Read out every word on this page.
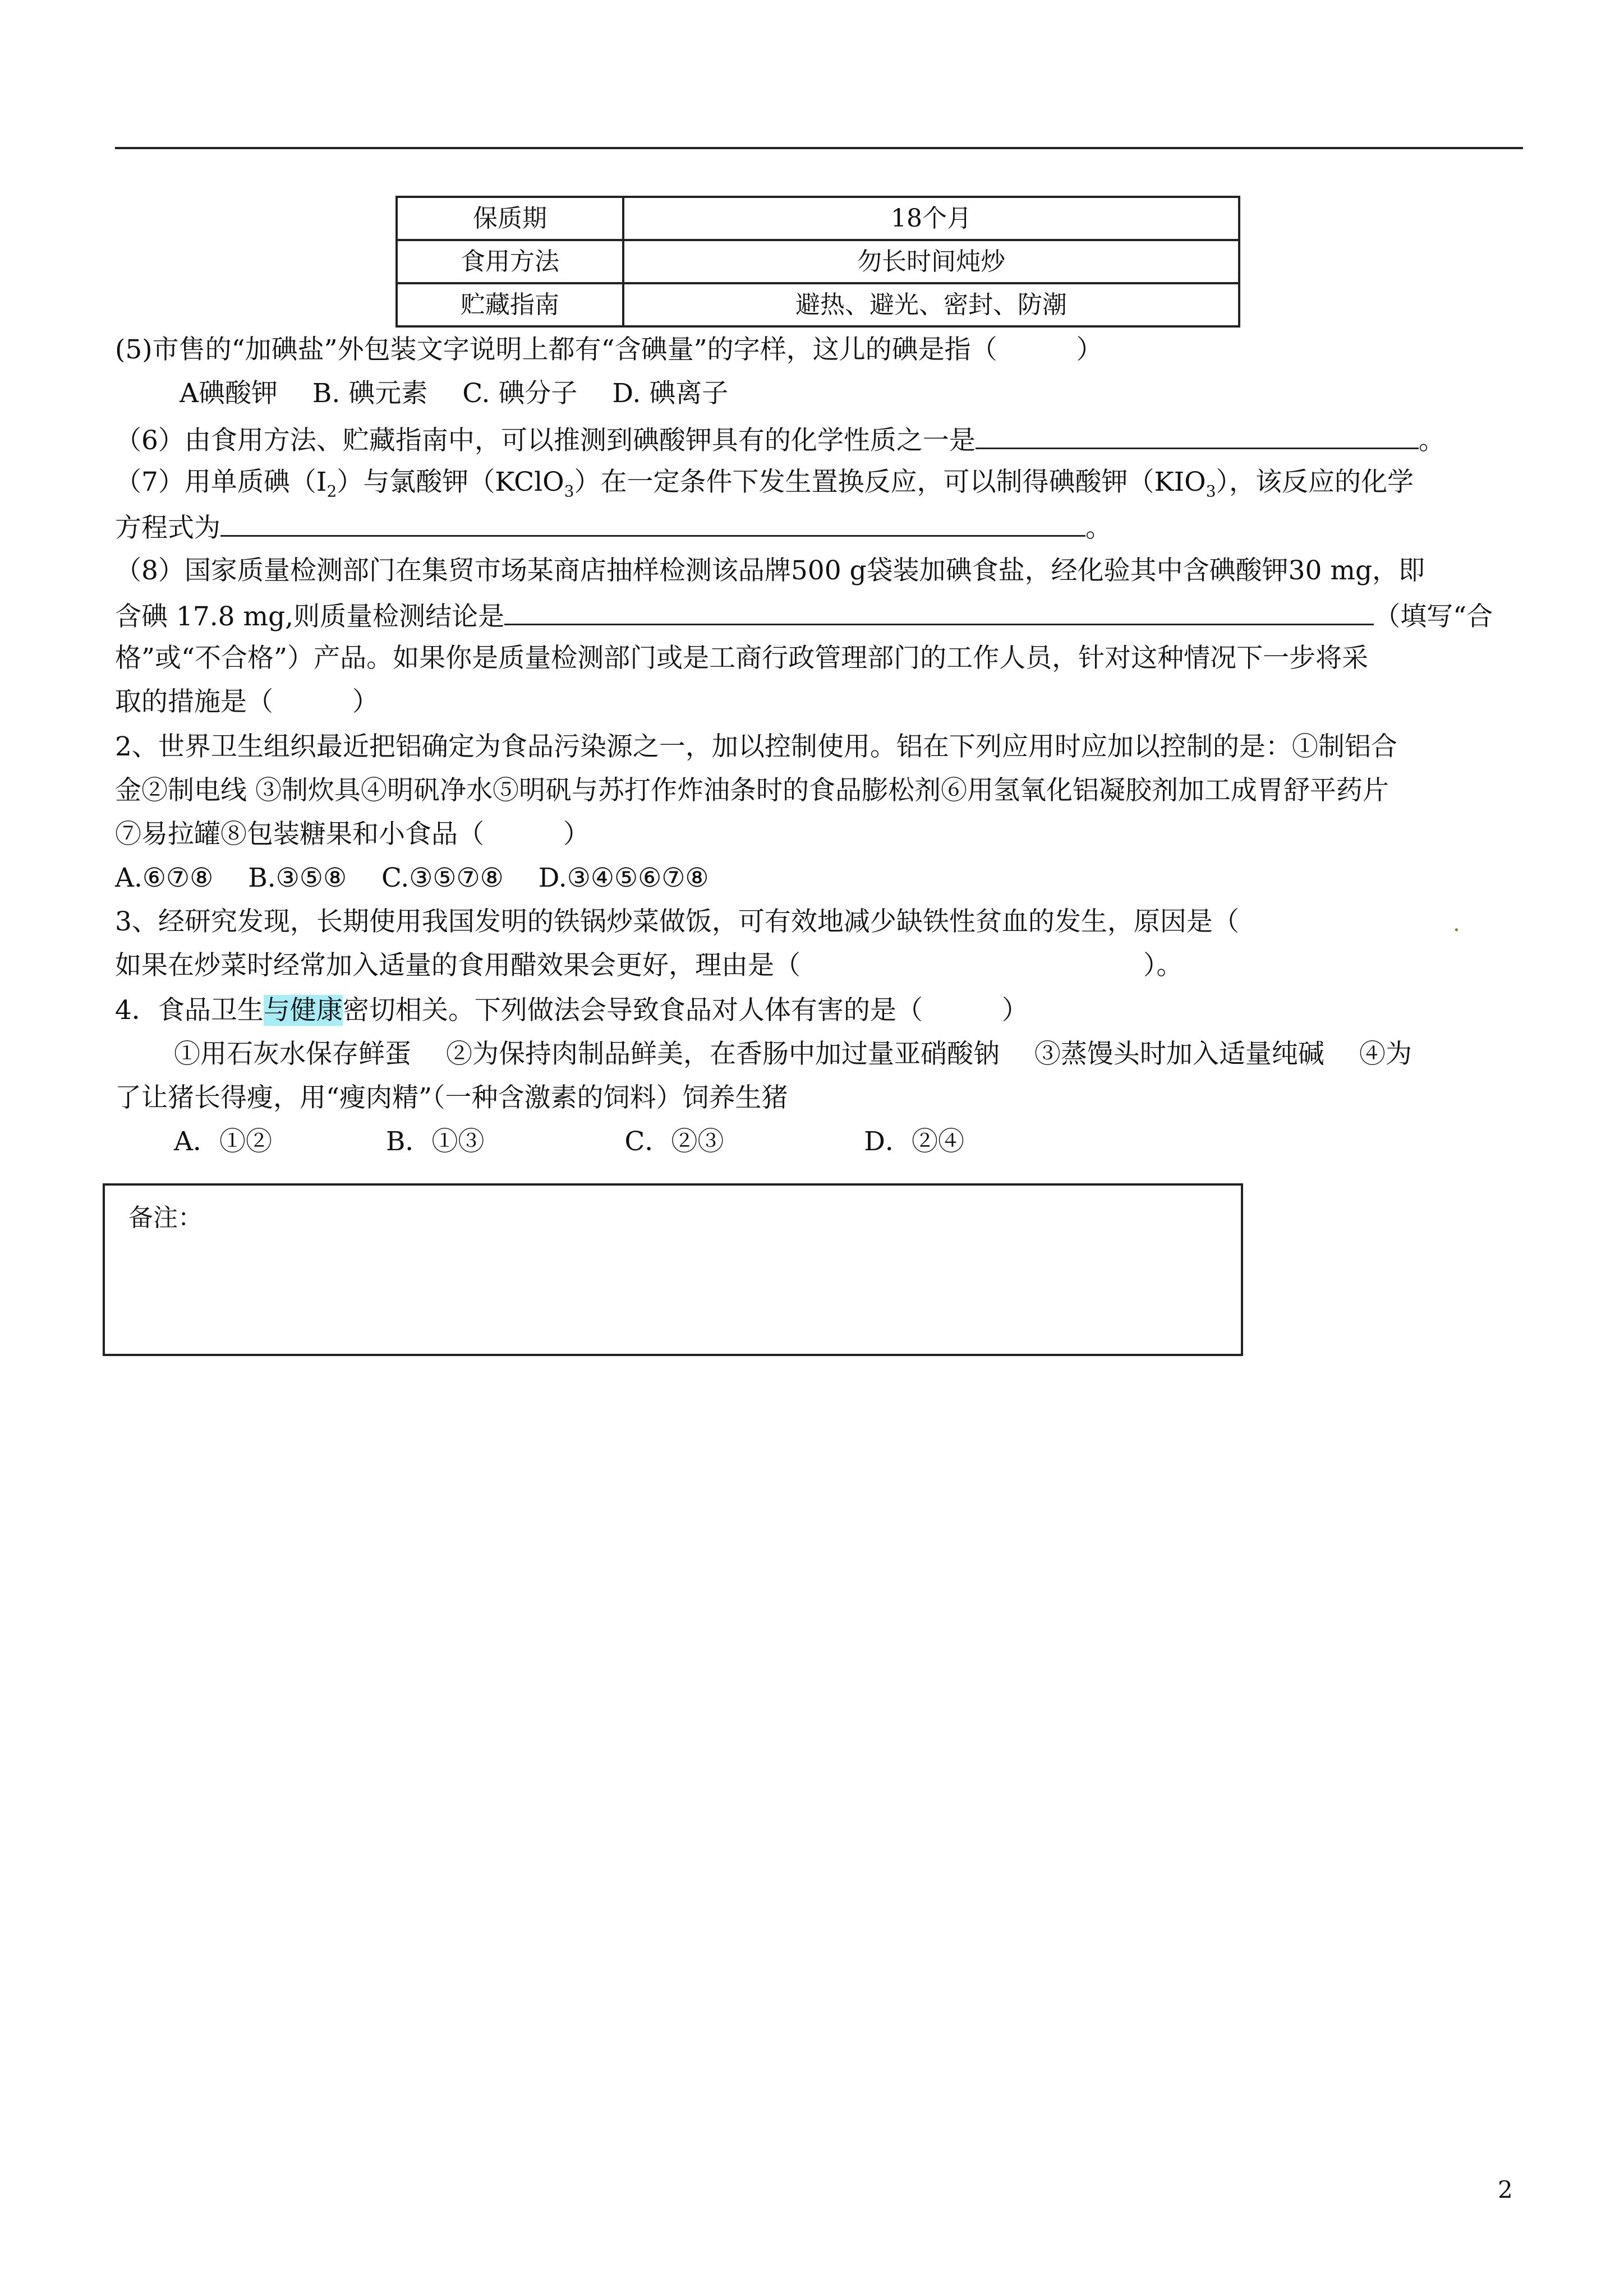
保质期	18个月
食用方法	勿长时间炖炒
贮藏指南	避热、避光、密封、防潮
(5)市售的“加碘盐”外包装文字说明上都有“含碘量”的字样，这儿的碘是指（　　　）
A碘酸钾　 B. 碘元素　 C. 碘分子　 D. 碘离子
（6）由食用方法、贮藏指南中，可以推测到碘酸钾具有的化学性质之一是	。
（7）用单质碘$(I_2)$与氯酸钾（KClO$_3$）在一定条件下发生置换反应，可以制得碘酸钾$(KIO_3)$，该反应的化学
方程式为	。
（8）国家质量检测部门在集贸市场某商店抽样检测该品牌500 g袋装加碘食盐，经化验其中含碘酸钾30 mg，即
含碘 17.8 mg,则质量检测结论是	（填写“合
格”或“不合格”）产品。如果你是质量检测部门或是工商行政管理部门的工作人员，针对这种情况下一步将采
取的措施是（　　　）
2、世界卫生组织最近把铝确定为食品污染源之一，加以控制使用。铝在下列应用时应加以控制的是：①制铝合
金②制电线 ③制炊具④明矾净水⑤明矾与苏打作炸油条时的食品膨松剂⑥用氢氧化铝凝胶剂加工成胃舒平药片
⑦易拉罐⑧包装糖果和小食品（　　　）
A.⑥⑦⑧　 B.③⑤⑧　 C.③⑤⑦⑧　 D.③④⑤⑥⑦⑧
3、经研究发现，长期使用我国发明的铁锅炒菜做饭，可有效地减少缺铁性贫血的发生，原因是（	.
如果在炒菜时经常加入适量的食用醋效果会更好，理由是（　　　　　　　　　　　　　）。
4．食品卫生与健康密切相关。下列做法会导致食品对人体有害的是（　　　）
①用石灰水保存鲜蛋　 ②为保持肉制品鲜美，在香肠中加过量亚硝酸钠　 ③蒸馒头时加入适量纯碱　 ④为
了让猪长得瘦，用“瘦肉精”（一种含激素的饲料）饲养生猪
A．①②　　　　 B．①③　　　　　 C．②③　　　　　 D．②④
备注：
2
